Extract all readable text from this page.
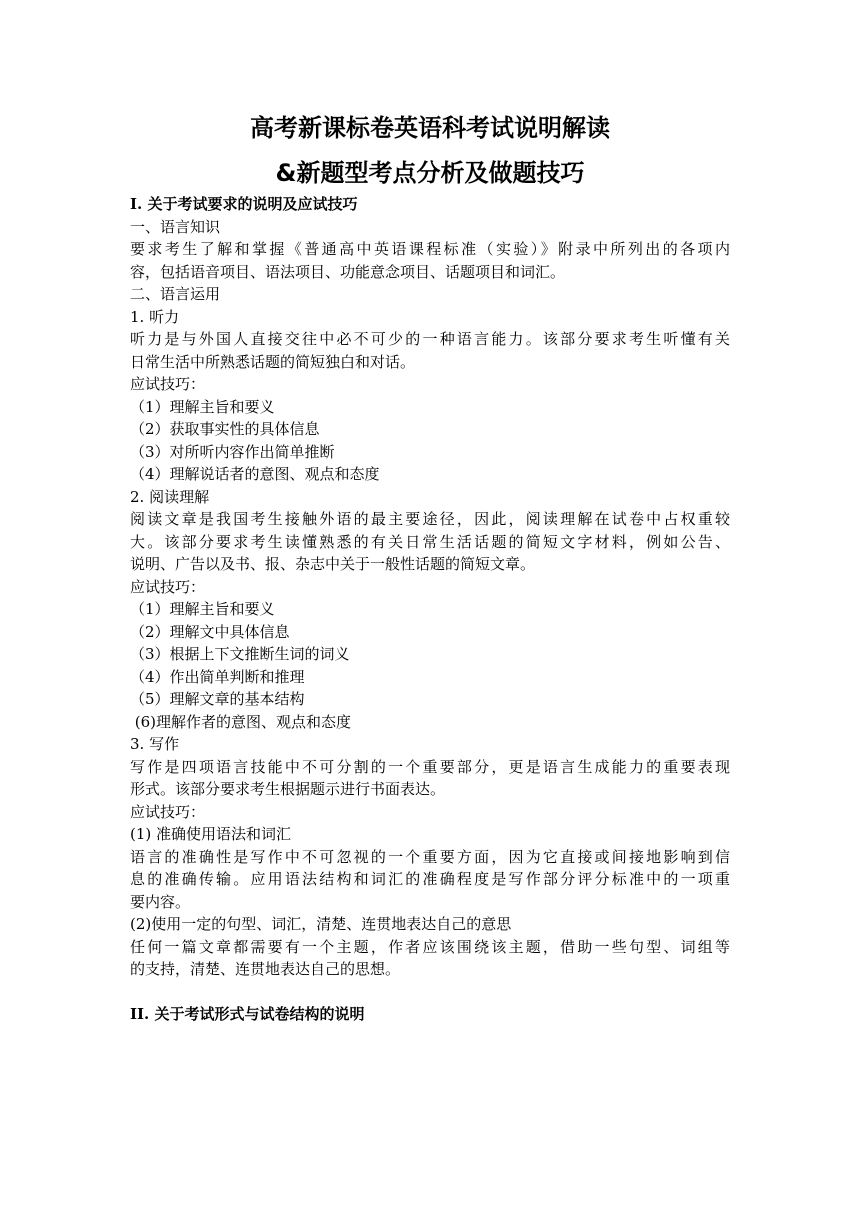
高考新课标卷英语科考试说明解读
&新题型考点分析及做题技巧
I. 关于考试要求的说明及应试技巧
一、语言知识
要求考生了解和掌握《普通高中英语课程标准（实验）》附录中所列出的各项内
容，包括语音项目、语法项目、功能意念项目、话题项目和词汇。
二、语言运用
1. 听力
听力是与外国人直接交往中必不可少的一种语言能力。该部分要求考生听懂有关
日常生活中所熟悉话题的简短独白和对话。
应试技巧：
（1）理解主旨和要义
（2）获取事实性的具体信息
（3）对所听内容作出简单推断
（4）理解说话者的意图、观点和态度
2. 阅读理解
阅读文章是我国考生接触外语的最主要途径，因此，阅读理解在试卷中占权重较
大。该部分要求考生读懂熟悉的有关日常生活话题的简短文字材料，例如公告、
说明、广告以及书、报、杂志中关于一般性话题的简短文章。
应试技巧：
（1）理解主旨和要义
（2）理解文中具体信息
（3）根据上下文推断生词的词义
（4）作出简单判断和推理
（5）理解文章的基本结构
(6)理解作者的意图、观点和态度
3. 写作
写作是四项语言技能中不可分割的一个重要部分，更是语言生成能力的重要表现
形式。该部分要求考生根据题示进行书面表达。
应试技巧：
(1) 准确使用语法和词汇
语言的准确性是写作中不可忽视的一个重要方面，因为它直接或间接地影响到信
息的准确传输。应用语法结构和词汇的准确程度是写作部分评分标准中的一项重
要内容。
(2)使用一定的句型、词汇，清楚、连贯地表达自己的意思
任何一篇文章都需要有一个主题，作者应该围绕该主题，借助一些句型、词组等
的支持，清楚、连贯地表达自己的思想。
II. 关于考试形式与试卷结构的说明
